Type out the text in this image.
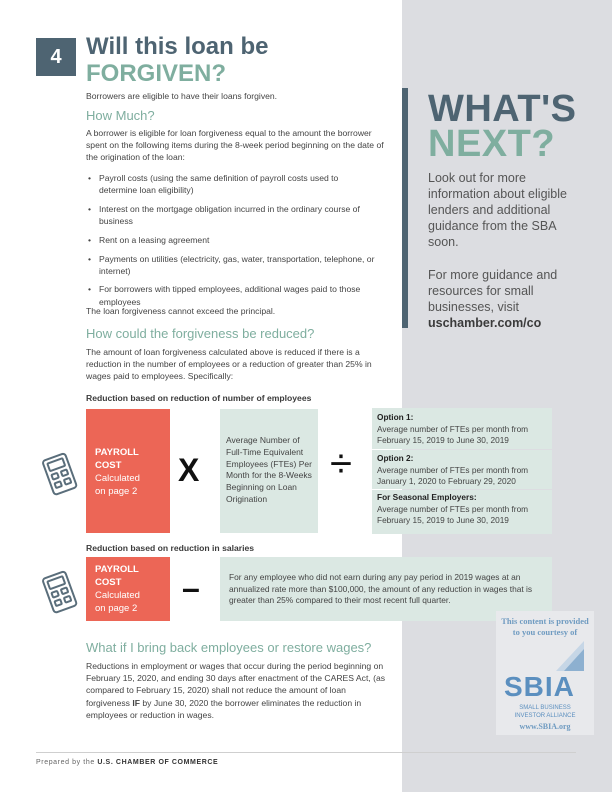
4	Will this loan be
FORGIVEN?
Borrowers are eligible to have their loans forgiven.
How Much?
A borrower is eligible for loan forgiveness equal to the amount the borrower spent on the following items during the 8-week period beginning on the date of the origination of the loan:
• Payroll costs (using the same definition of payroll costs used to determine loan eligibility)
• Interest on the mortgage obligation incurred in the ordinary course of business
• Rent on a leasing agreement
• Payments on utilities (electricity, gas, water, transportation, telephone, or internet)
• For borrowers with tipped employees, additional wages paid to those employees
The loan forgiveness cannot exceed the principal.
How could the forgiveness be reduced?
The amount of loan forgiveness calculated above is reduced if there is a reduction in the number of employees or a reduction of greater than 25% in wages paid to employees. Specifically:
Reduction based on reduction of number of employees
PAYROLL
COST
Calculated
on page 2
X
Average Number of Full-Time Equivalent Employees (FTEs) Per Month for the 8-Weeks Beginning on Loan Origination
÷
Option 1:
Average number of FTEs per month from February 15, 2019 to June 30, 2019
Option 2:
Average number of FTEs per month from January 1, 2020 to February 29, 2020
For Seasonal Employers:
Average number of FTEs per month from February 15, 2019 to June 30, 2019
Reduction based on reduction in salaries
PAYROLL
COST
Calculated
on page 2
–	For any employee who did not earn during any pay period in 2019 wages at an annualized rate more than $100,000, the amount of any reduction in wages that is greater than 25% compared to their most recent full quarter.
What if I bring back employees or restore wages?
Reductions in employment or wages that occur during the period beginning on February 15, 2020, and ending 30 days after enactment of the CARES Act, (as compared to February 15, 2020) shall not reduce the amount of loan forgiveness IF by June 30, 2020 the borrower eliminates the reduction in employees or reduction in wages.
WHAT'S
NEXT?
Look out for more information about eligible lenders and additional guidance from the SBA soon.
For more guidance and resources for small businesses, visit uschamber.com/co
This content is provided
to you courtesy of
SBIA
SMALL BUSINESS
INVESTOR ALLIANCE
www.SBIA.org
Prepared by the U.S. CHAMBER OF COMMERCE
